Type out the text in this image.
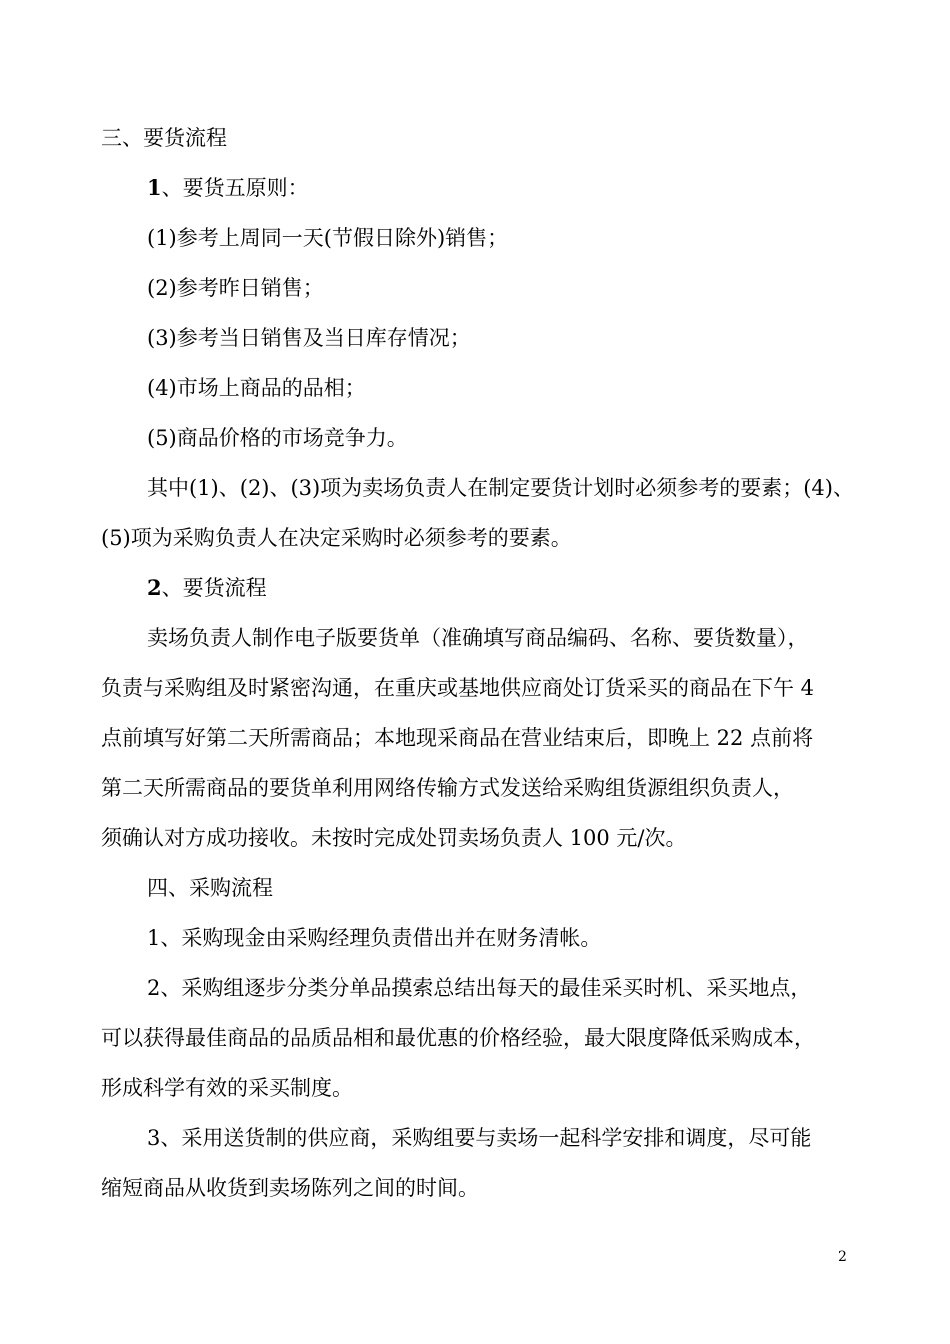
三、要货流程

1、要货五原则：

(1)参考上周同一天(节假日除外)销售；

(2)参考昨日销售；

(3)参考当日销售及当日库存情况；

(4)市场上商品的品相；

(5)商品价格的市场竞争力。

其中(1)、(2)、(3)项为卖场负责人在制定要货计划时必须参考的要素；(4)、

(5)项为采购负责人在决定采购时必须参考的要素。

2、要货流程

卖场负责人制作电子版要货单（准确填写商品编码、名称、要货数量），

负责与采购组及时紧密沟通，在重庆或基地供应商处订货采买的商品在下午 4

点前填写好第二天所需商品；本地现采商品在营业结束后，即晚上 22 点前将

第二天所需商品的要货单利用网络传输方式发送给采购组货源组织负责人，

须确认对方成功接收。未按时完成处罚卖场负责人 100 元/次。

四、采购流程

1、采购现金由采购经理负责借出并在财务清帐。

2、采购组逐步分类分单品摸索总结出每天的最佳采买时机、采买地点，

可以获得最佳商品的品质品相和最优惠的价格经验，最大限度降低采购成本，

形成科学有效的采买制度。

3、采用送货制的供应商，采购组要与卖场一起科学安排和调度，尽可能

缩短商品从收货到卖场陈列之间的时间。

2
